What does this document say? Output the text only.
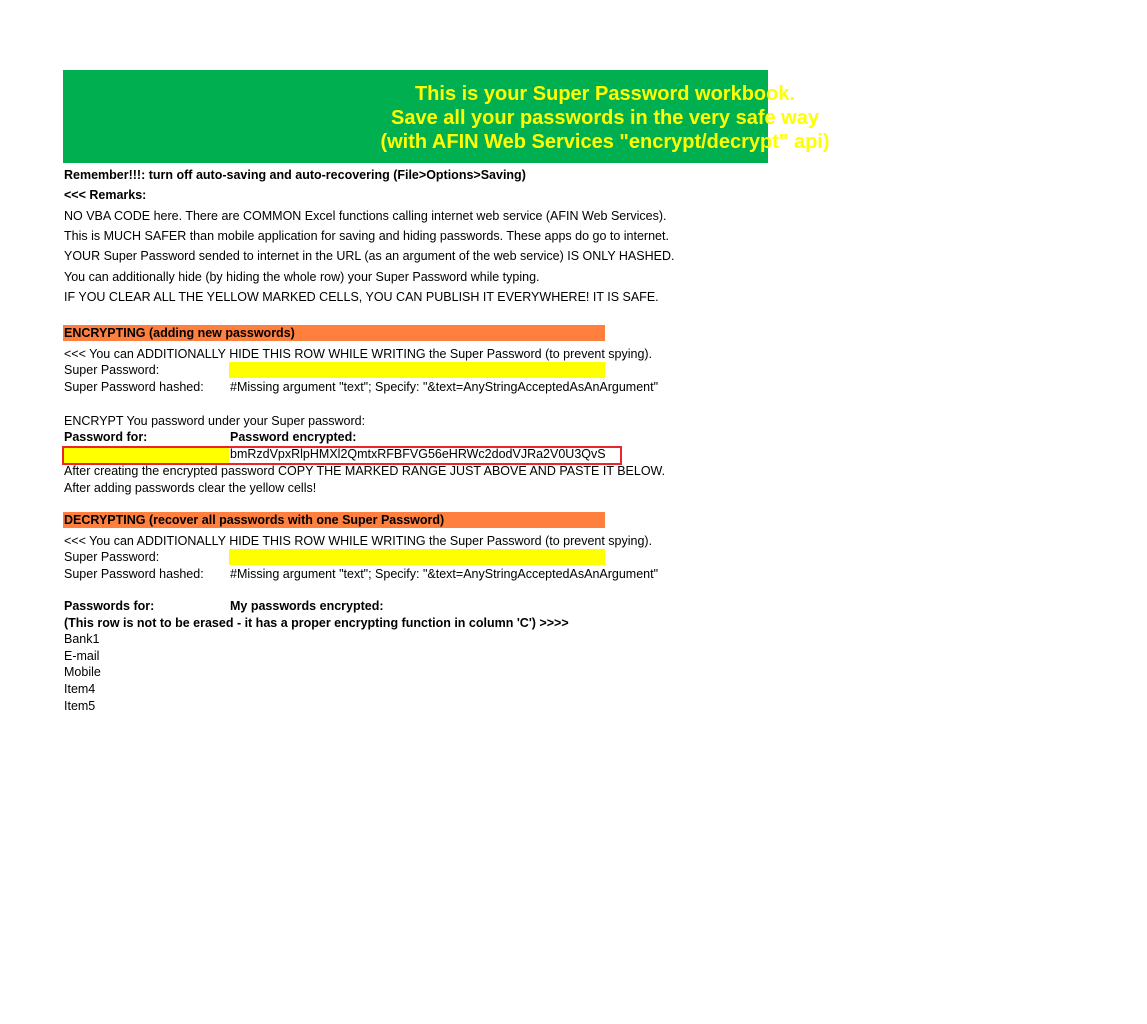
This is your Super Password workbook.
Save all your passwords in the very safe way
(with AFIN Web Services "encrypt/decrypt" api)
Remember!!!: turn off auto-saving and auto-recovering (File>Options>Saving)
<<< Remarks:
NO VBA CODE here. There are COMMON Excel functions calling internet web service (AFIN Web Services).
This is MUCH SAFER than mobile application for saving and hiding passwords. These apps do go to internet.
YOUR Super Password sended to internet in the URL (as an argument of the web service) IS ONLY HASHED.
You can additionally hide (by hiding the whole row) your Super Password while typing.
IF YOU CLEAR ALL THE YELLOW MARKED CELLS, YOU CAN PUBLISH IT EVERYWHERE! IT IS SAFE.
ENCRYPTING (adding new passwords)
<<< You can ADDITIONALLY HIDE THIS ROW WHILE WRITING the Super Password (to prevent spying).
Super Password:
Super Password hashed: #Missing argument "text"; Specify: "&text=AnyStringAcceptedAsAnArgument"
ENCRYPT You password under your Super password:
Password for:	Password encrypted:
bmRzdVpxRlpHMXl2QmtxRFBFVG56eHRWc2dodVJRa2V0U3QvS
After creating the encrypted password COPY THE MARKED RANGE JUST ABOVE AND PASTE IT BELOW.
After adding passwords clear the yellow cells!
DECRYPTING (recover all passwords with one Super Password)
<<< You can ADDITIONALLY HIDE THIS ROW WHILE WRITING the Super Password (to prevent spying).
Super Password:
Super Password hashed: #Missing argument "text"; Specify: "&text=AnyStringAcceptedAsAnArgument"
Passwords for:	My passwords encrypted:
(This row is not to be erased - it has a proper encrypting function in column 'C') >>>>
Bank1
E-mail
Mobile
Item4
Item5
